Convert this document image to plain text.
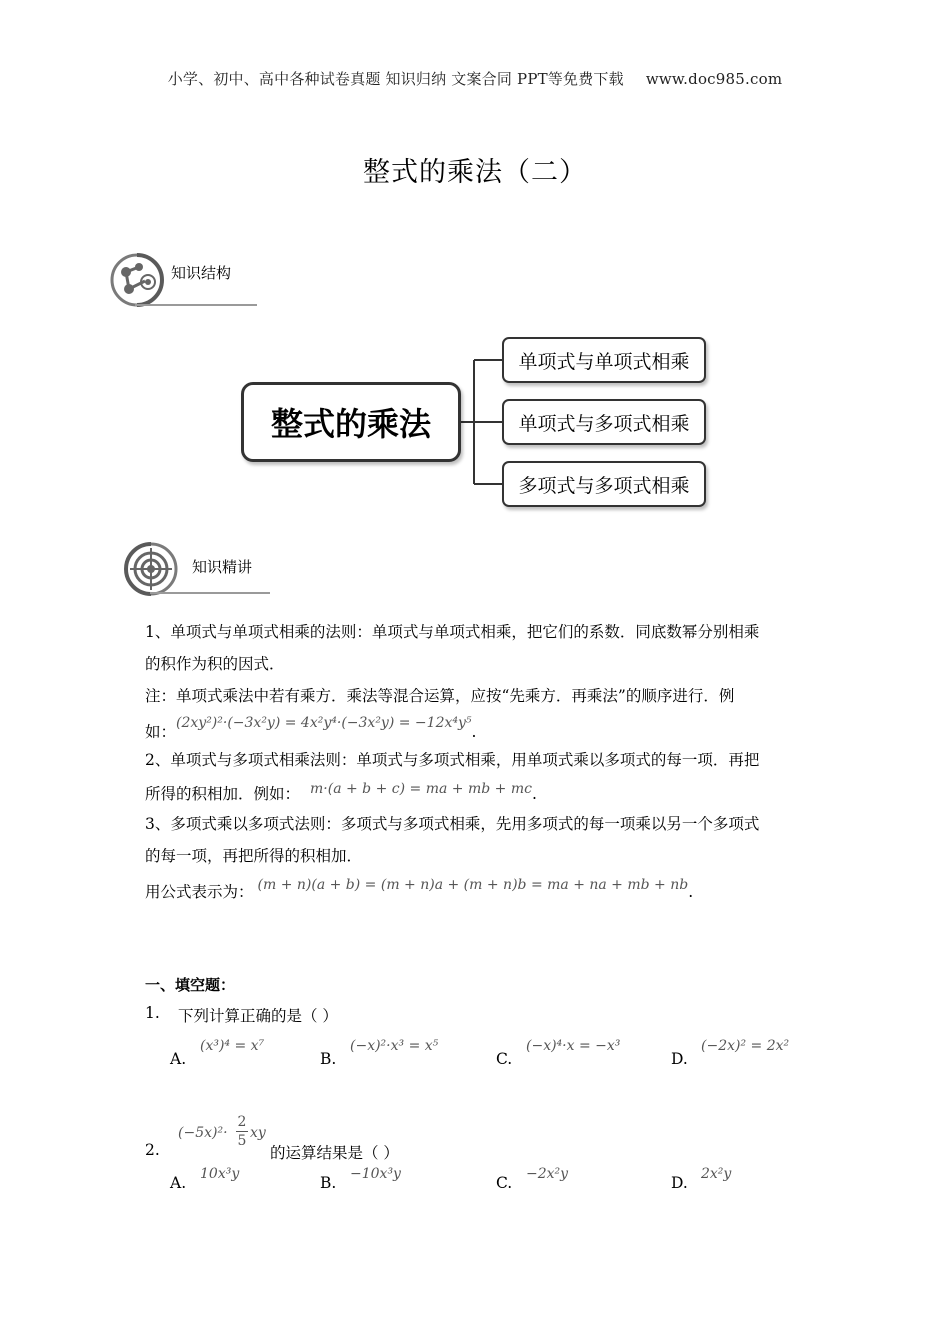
小学、初中、高中各种试卷真题 知识归纳 文案合同 PPT等免费下载 www.doc985.com
整式的乘法（二）
知识结构
整式的乘法
单项式与单项式相乘
单项式与多项式相乘
多项式与多项式相乘
知识精讲
1、单项式与单项式相乘的法则：单项式与单项式相乘，把它们的系数．同底数幂分别相乘
的积作为积的因式．
注：单项式乘法中若有乘方．乘法等混合运算，应按“先乘方．再乘法”的顺序进行．例
如：(2xy²)²·(−3x²y) = 4x²y⁴·(−3x²y) = −12x⁴y⁵.
2、单项式与多项式相乘法则：单项式与多项式相乘，用单项式乘以多项式的每一项．再把
所得的积相加．例如： m·(a + b + c) = ma + mb + mc.
3、多项式乘以多项式法则：多项式与多项式相乘，先用多项式的每一项乘以另一个多项式
的每一项，再把所得的积相加．
用公式表示为： (m + n)(a + b) = (m + n)a + (m + n)b = ma + na + mb + nb.
一、填空题：
1. 下列计算正确的是（ ）
A.
(x³)⁴ = x⁷
B.
(−x)²·x³ = x⁵
C.
(−x)⁴·x = −x³
D.
(−2x)² = 2x²
2.
$(-5x)^2\cdot \frac{2}{5}$ xy
的运算结果是（ ）
A. 10x³y	B. −10x³y	C. −2x²y	D. 2x²y
